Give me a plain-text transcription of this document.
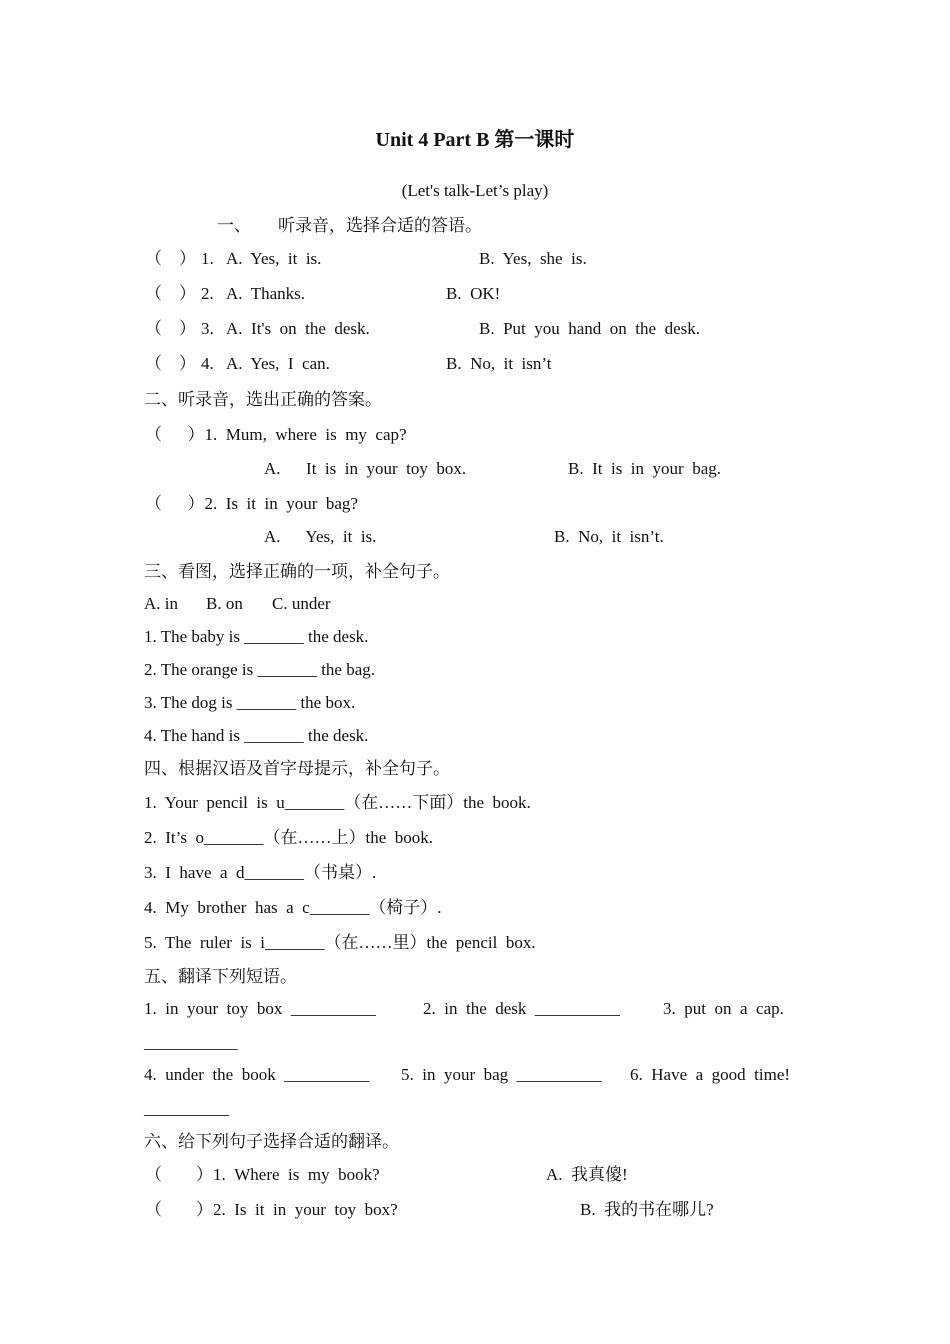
Unit 4 Part B 第一课时
(Let's talk-Let’s play)
一、 听录音，选择合适的答语。
（    ） 1. A.  Yes,  it  is.	B.  Yes,  she  is.
（    ） 2. A.  Thanks.	B.  OK!
（    ） 3. A.  It's  on  the  desk.	B.  Put  you  hand  on  the  desk.
（    ） 4. A.  Yes,  I  can.	B.  No,  it  isn’t
二、听录音，选出正确的答案。
（      ）1.  Mum,  where  is  my  cap?
A.      It  is  in  your  toy  box.	B.  It  is  in  your  bag.
（      ）2.  Is  it  in  your  bag?
A.      Yes,  it  is.	B.  No,  it  isn’t.
三、看图，选择正确的一项，补全句子。
A. in B. on C. under
1. The baby is _______ the desk.
2. The orange is _______ the bag.
3. The dog is _______ the box.
4. The hand is _______ the desk.
四、根据汉语及首字母提示，补全句子。
1.  Your  pencil  is  u_______（在……下面）the  book.
2.  It’s  o_______（在……上）the  book.
3.  I  have  a  d_______（书桌）.
4.  My  brother  has  a  c_______（椅子）.
5.  The  ruler  is  i_______（在……里）the  pencil  box.
五、翻译下列短语。
1.  in  your  toy  box  __________	2.  in  the  desk  __________	3.  put  on  a  cap.
___________
4.  under  the  book  __________ 5.  in  your  bag  __________ 6.  Have  a  good  time!
__________
六、给下列句子选择合适的翻译。
（        ）1.  Where  is  my  book?	A.  我真傻!
（        ）2.  Is  it  in  your  toy  box?	B.  我的书在哪儿?
